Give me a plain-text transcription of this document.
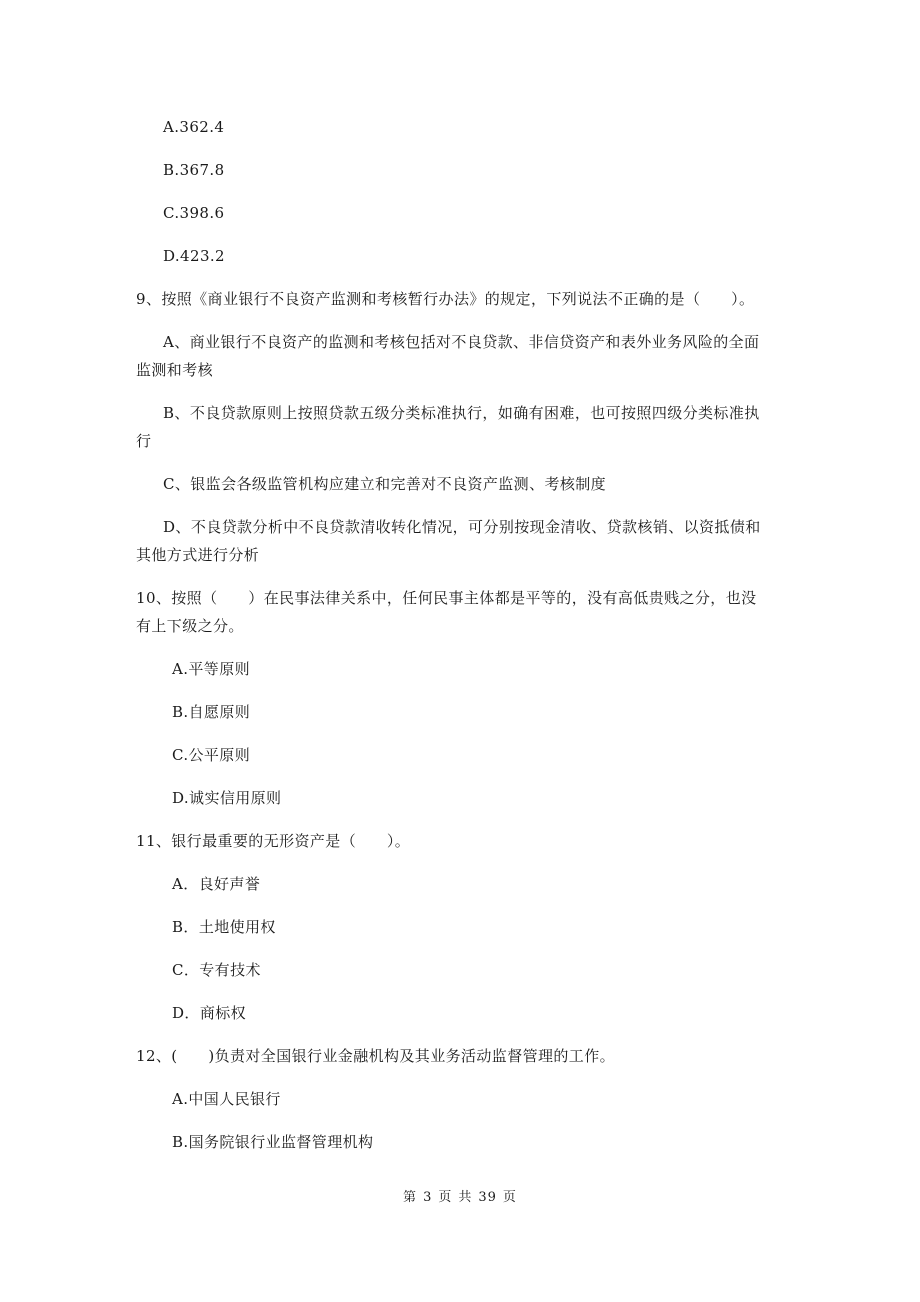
A.362.4
B.367.8
C.398.6
D.423.2
9、按照《商业银行不良资产监测和考核暂行办法》的规定，下列说法不正确的是（　　）。
A、商业银行不良资产的监测和考核包括对不良贷款、非信贷资产和表外业务风险的全面
监测和考核
B、不良贷款原则上按照贷款五级分类标准执行，如确有困难，也可按照四级分类标准执
行
C、银监会各级监管机构应建立和完善对不良资产监测、考核制度
D、不良贷款分析中不良贷款清收转化情况，可分别按现金清收、贷款核销、以资抵债和
其他方式进行分析
10、按照（　　）在民事法律关系中，任何民事主体都是平等的，没有高低贵贱之分，也没
有上下级之分。
A.平等原则
B.自愿原则
C.公平原则
D.诚实信用原则
11、银行最重要的无形资产是（　　）。
A．良好声誉
B．土地使用权
C．专有技术
D．商标权
12、(　　)负责对全国银行业金融机构及其业务活动监督管理的工作。
A.中国人民银行
B.国务院银行业监督管理机构
第 3 页 共 39 页
